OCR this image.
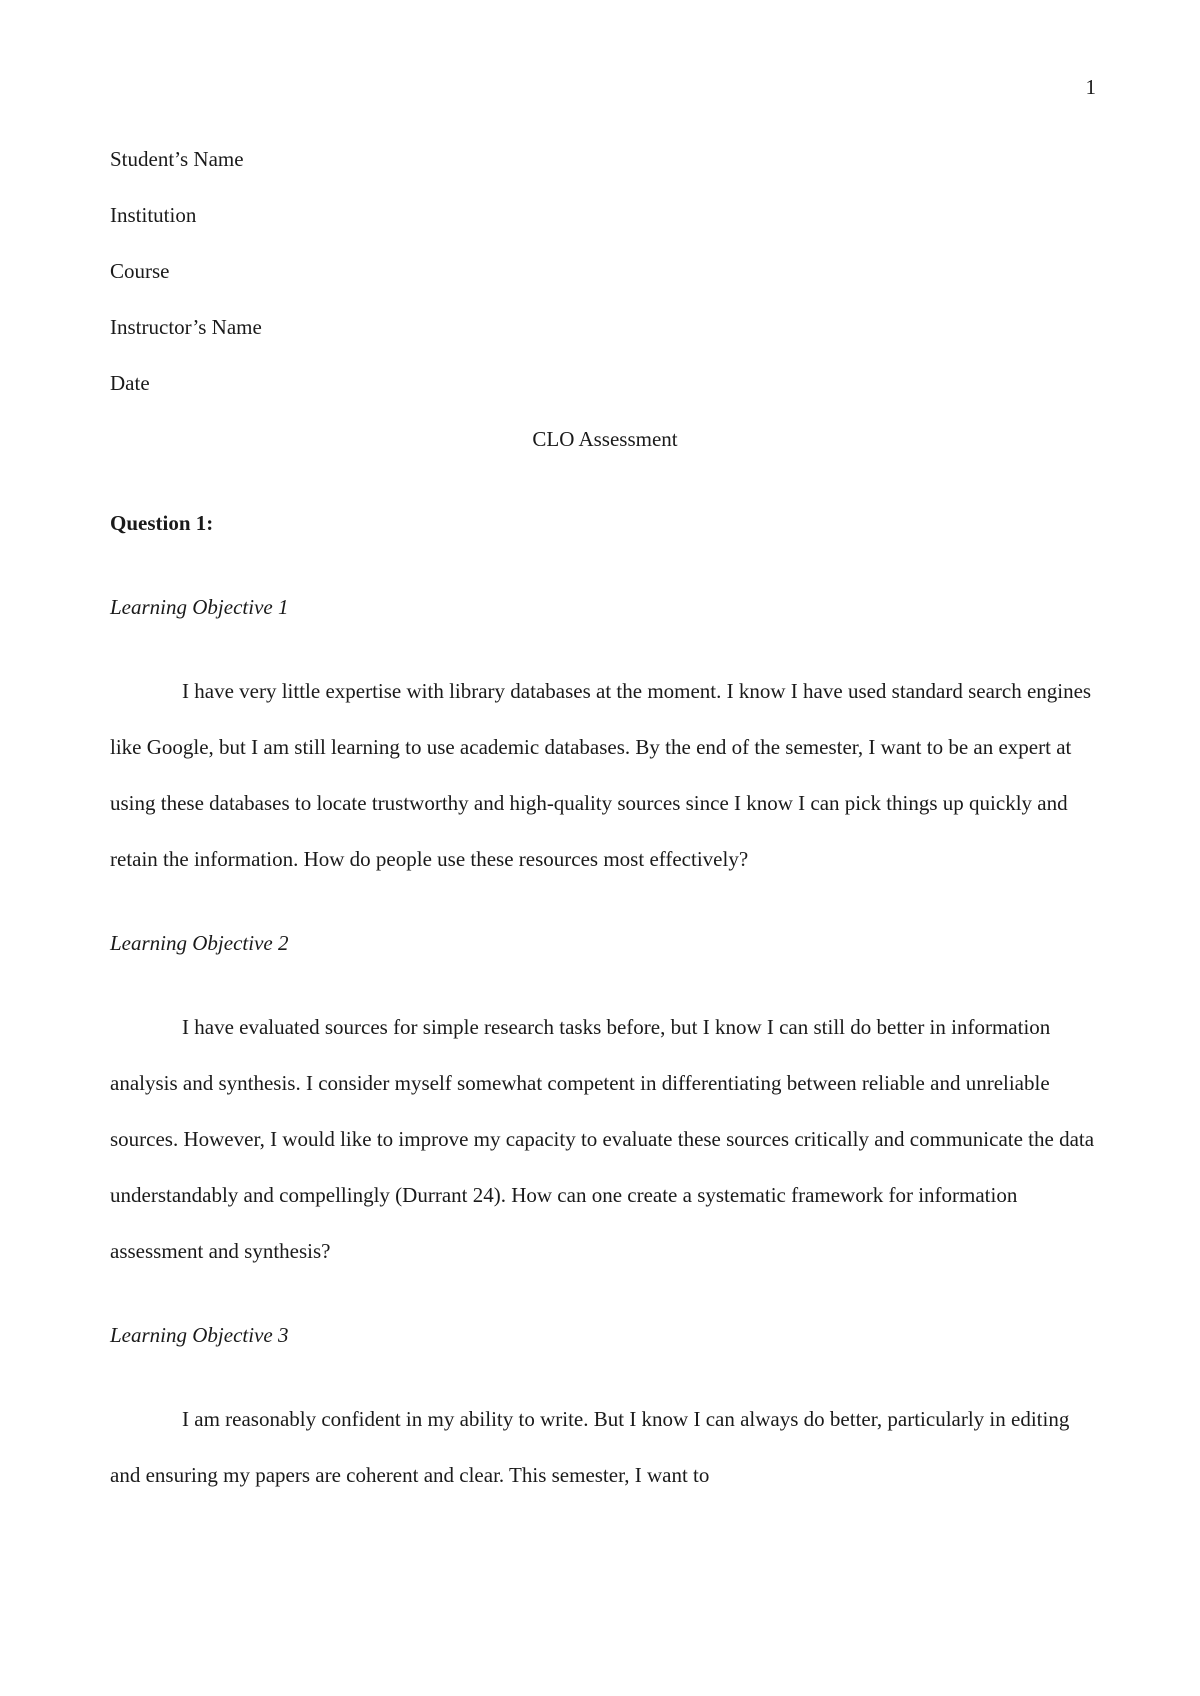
1

Student’s Name

Institution

Course

Instructor’s Name

Date

CLO Assessment

Question 1:

Learning Objective 1

I have very little expertise with library databases at the moment. I know I have used standard search engines like Google, but I am still learning to use academic databases. By the end of the semester, I want to be an expert at using these databases to locate trustworthy and high-quality sources since I know I can pick things up quickly and retain the information. How do people use these resources most effectively?

Learning Objective 2

I have evaluated sources for simple research tasks before, but I know I can still do better in information analysis and synthesis. I consider myself somewhat competent in differentiating between reliable and unreliable sources. However, I would like to improve my capacity to evaluate these sources critically and communicate the data understandably and compellingly (Durrant 24). How can one create a systematic framework for information assessment and synthesis?

Learning Objective 3

I am reasonably confident in my ability to write. But I know I can always do better, particularly in editing and ensuring my papers are coherent and clear. This semester, I want to
